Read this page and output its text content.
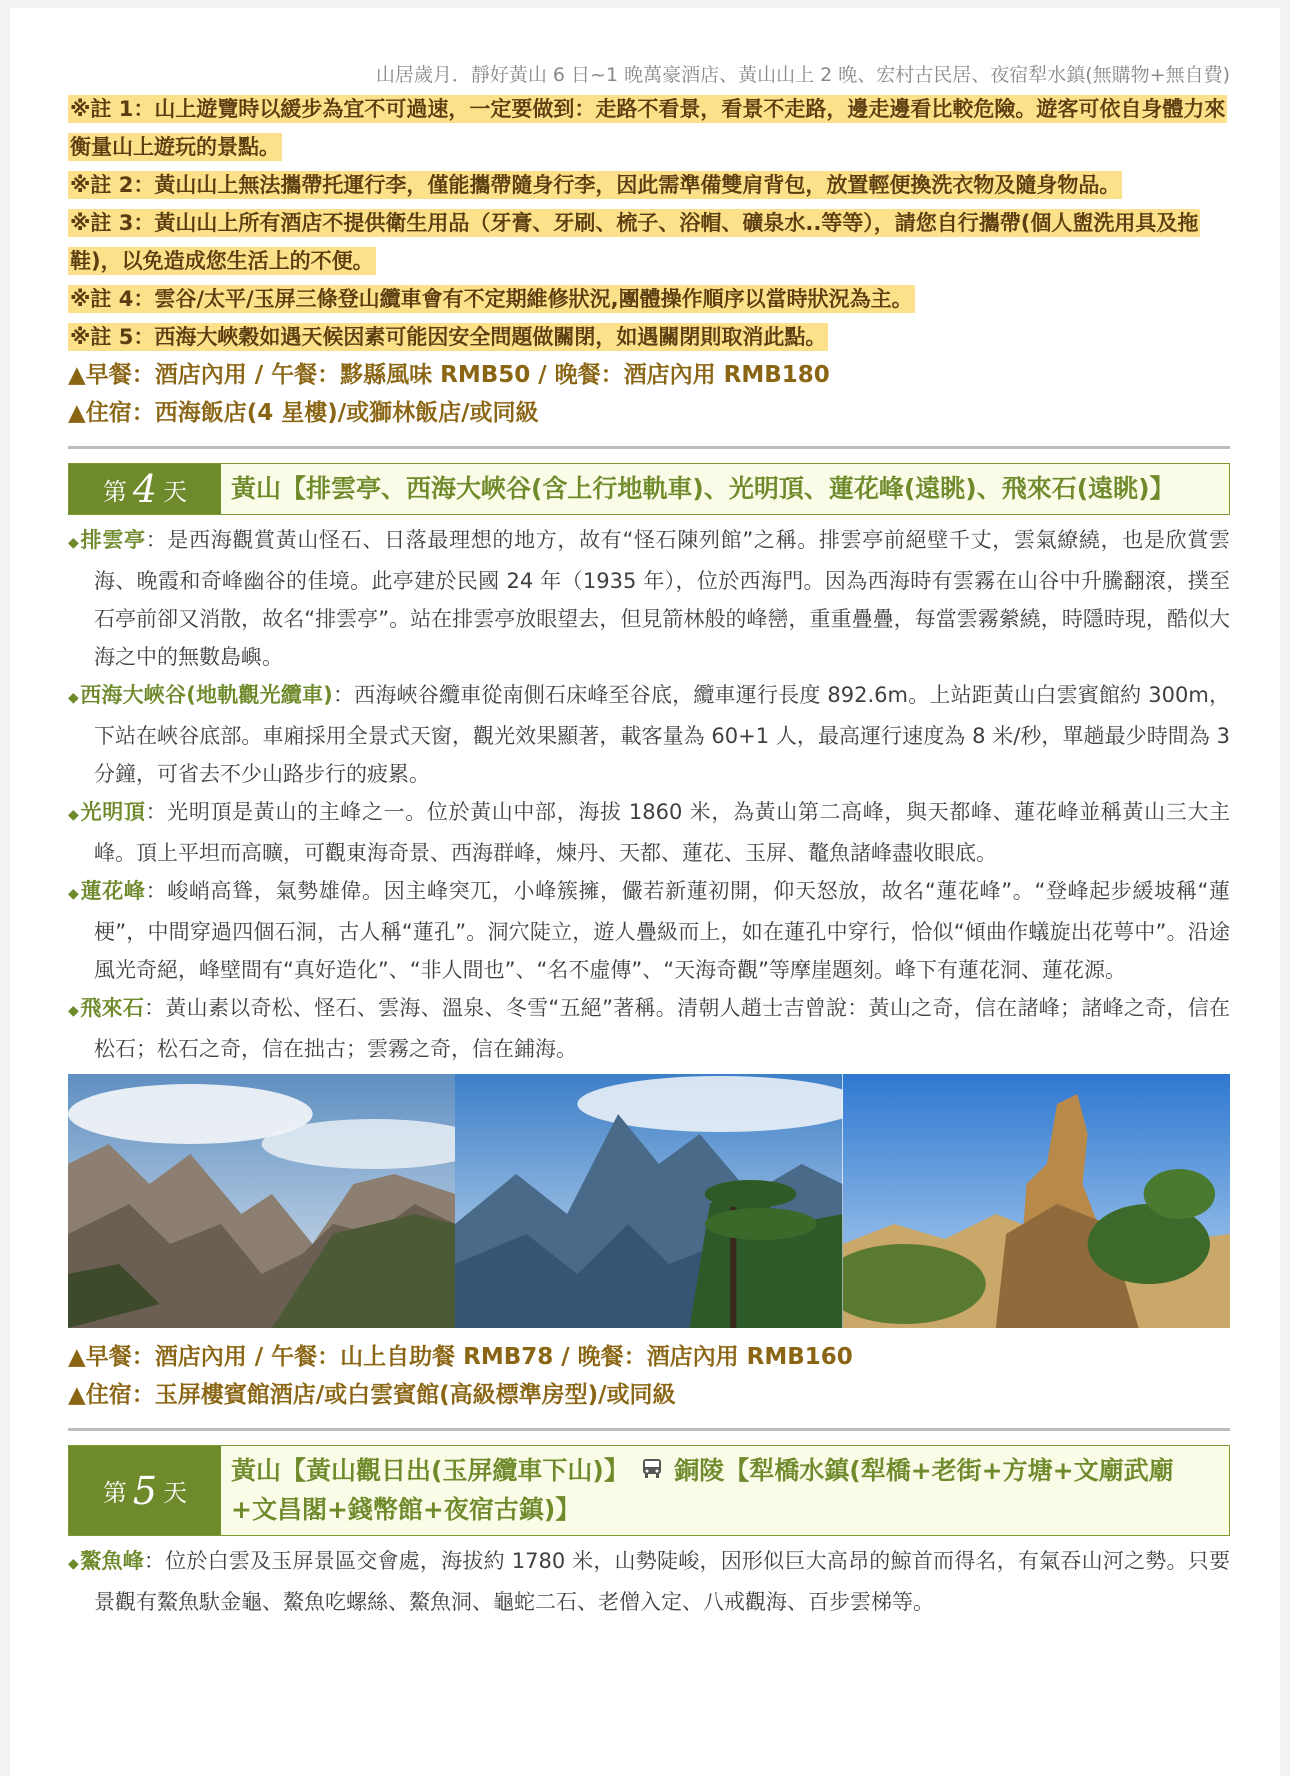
山居歲月．靜好黃山 6 日~1 晚萬豪酒店、黃山山上 2 晚、宏村古民居、夜宿犁水鎮(無購物+無自費)
※註 1：山上遊覽時以緩步為宜不可過速，一定要做到：走路不看景，看景不走路，邊走邊看比較危險。遊客可依自身體力來衡量山上遊玩的景點。
※註 2：黃山山上無法攜帶托運行李，僅能攜帶隨身行李，因此需準備雙肩背包，放置輕便換洗衣物及隨身物品。
※註 3：黃山山上所有酒店不提供衛生用品（牙膏、牙刷、梳子、浴帽、礦泉水..等等），請您自行攜帶(個人盥洗用具及拖鞋)，以免造成您生活上的不便。
※註 4：雲谷/太平/玉屏三條登山纜車會有不定期維修狀況,團體操作順序以當時狀況為主。
※註 5：西海大峽穀如遇天候因素可能因安全問題做關閉，如遇關閉則取消此點。
▲早餐：酒店內用 / 午餐：黟縣風味 RMB50 / 晚餐：酒店內用 RMB180
▲住宿：西海飯店(4 星樓)/或獅林飯店/或同級
第 4 天	黃山【排雲亭、西海大峽谷(含上行地軌車)、光明頂、蓮花峰(遠眺)、飛來石(遠眺)】
◆排雲亭：是西海觀賞黃山怪石、日落最理想的地方，故有“怪石陳列館”之稱。排雲亭前絕壁千丈，雲氣繚繞，也是欣賞雲海、晚霞和奇峰幽谷的佳境。此亭建於民國 24 年（1935 年），位於西海門。因為西海時有雲霧在山谷中升騰翻滾，撲至石亭前卻又消散，故名“排雲亭”。站在排雲亭放眼望去，但見箭林般的峰巒，重重疊疊，每當雲霧縈繞，時隱時現，酷似大海之中的無數島嶼。
◆西海大峽谷(地軌觀光纜車)：西海峽谷纜車從南側石床峰至谷底，纜車運行長度 892.6m。上站距黃山白雲賓館約 300m，下站在峽谷底部。車廂採用全景式天窗，觀光效果顯著，載客量為 60+1 人，最高運行速度為 8 米/秒，單趟最少時間為 3 分鐘，可省去不少山路步行的疲累。
◆光明頂：光明頂是黃山的主峰之一。位於黃山中部，海拔 1860 米，為黃山第二高峰，與天都峰、蓮花峰並稱黃山三大主峰。頂上平坦而高曠，可觀東海奇景、西海群峰，煉丹、天都、蓮花、玉屏、鼇魚諸峰盡收眼底。
◆蓮花峰：峻峭高聳，氣勢雄偉。因主峰突兀，小峰簇擁，儼若新蓮初開，仰天怒放，故名“蓮花峰”。“登峰起步緩坡稱“蓮梗”，中間穿過四個石洞，古人稱“蓮孔”。洞穴陡立，遊人疊級而上，如在蓮孔中穿行，恰似“傾曲作蟻旋出花萼中”。沿途風光奇絕，峰壁間有“真好造化”、“非人間也”、“名不虛傳”、“天海奇觀”等摩崖題刻。峰下有蓮花洞、蓮花源。
◆飛來石：黃山素以奇松、怪石、雲海、溫泉、冬雪“五絕”著稱。清朝人趙士吉曾說：黃山之奇，信在諸峰；諸峰之奇，信在松石；松石之奇，信在拙古；雲霧之奇，信在鋪海。
▲早餐：酒店內用 / 午餐：山上自助餐 RMB78 / 晚餐：酒店內用 RMB160
▲住宿：玉屏樓賓館酒店/或白雲賓館(高級標準房型)/或同級
第 5 天
黃山【黃山觀日出(玉屏纜車下山)】 銅陵【犁橋水鎮(犁橋+老街+方塘+文廟武廟+文昌閣+錢幣館+夜宿古鎮)】
◆鰲魚峰：位於白雲及玉屏景區交會處，海拔約 1780 米，山勢陡峻，因形似巨大高昂的鯨首而得名，有氣吞山河之勢。只要景觀有鰲魚馱金龜、鰲魚吃螺絲、鰲魚洞、龜蛇二石、老僧入定、八戒觀海、百步雲梯等。
